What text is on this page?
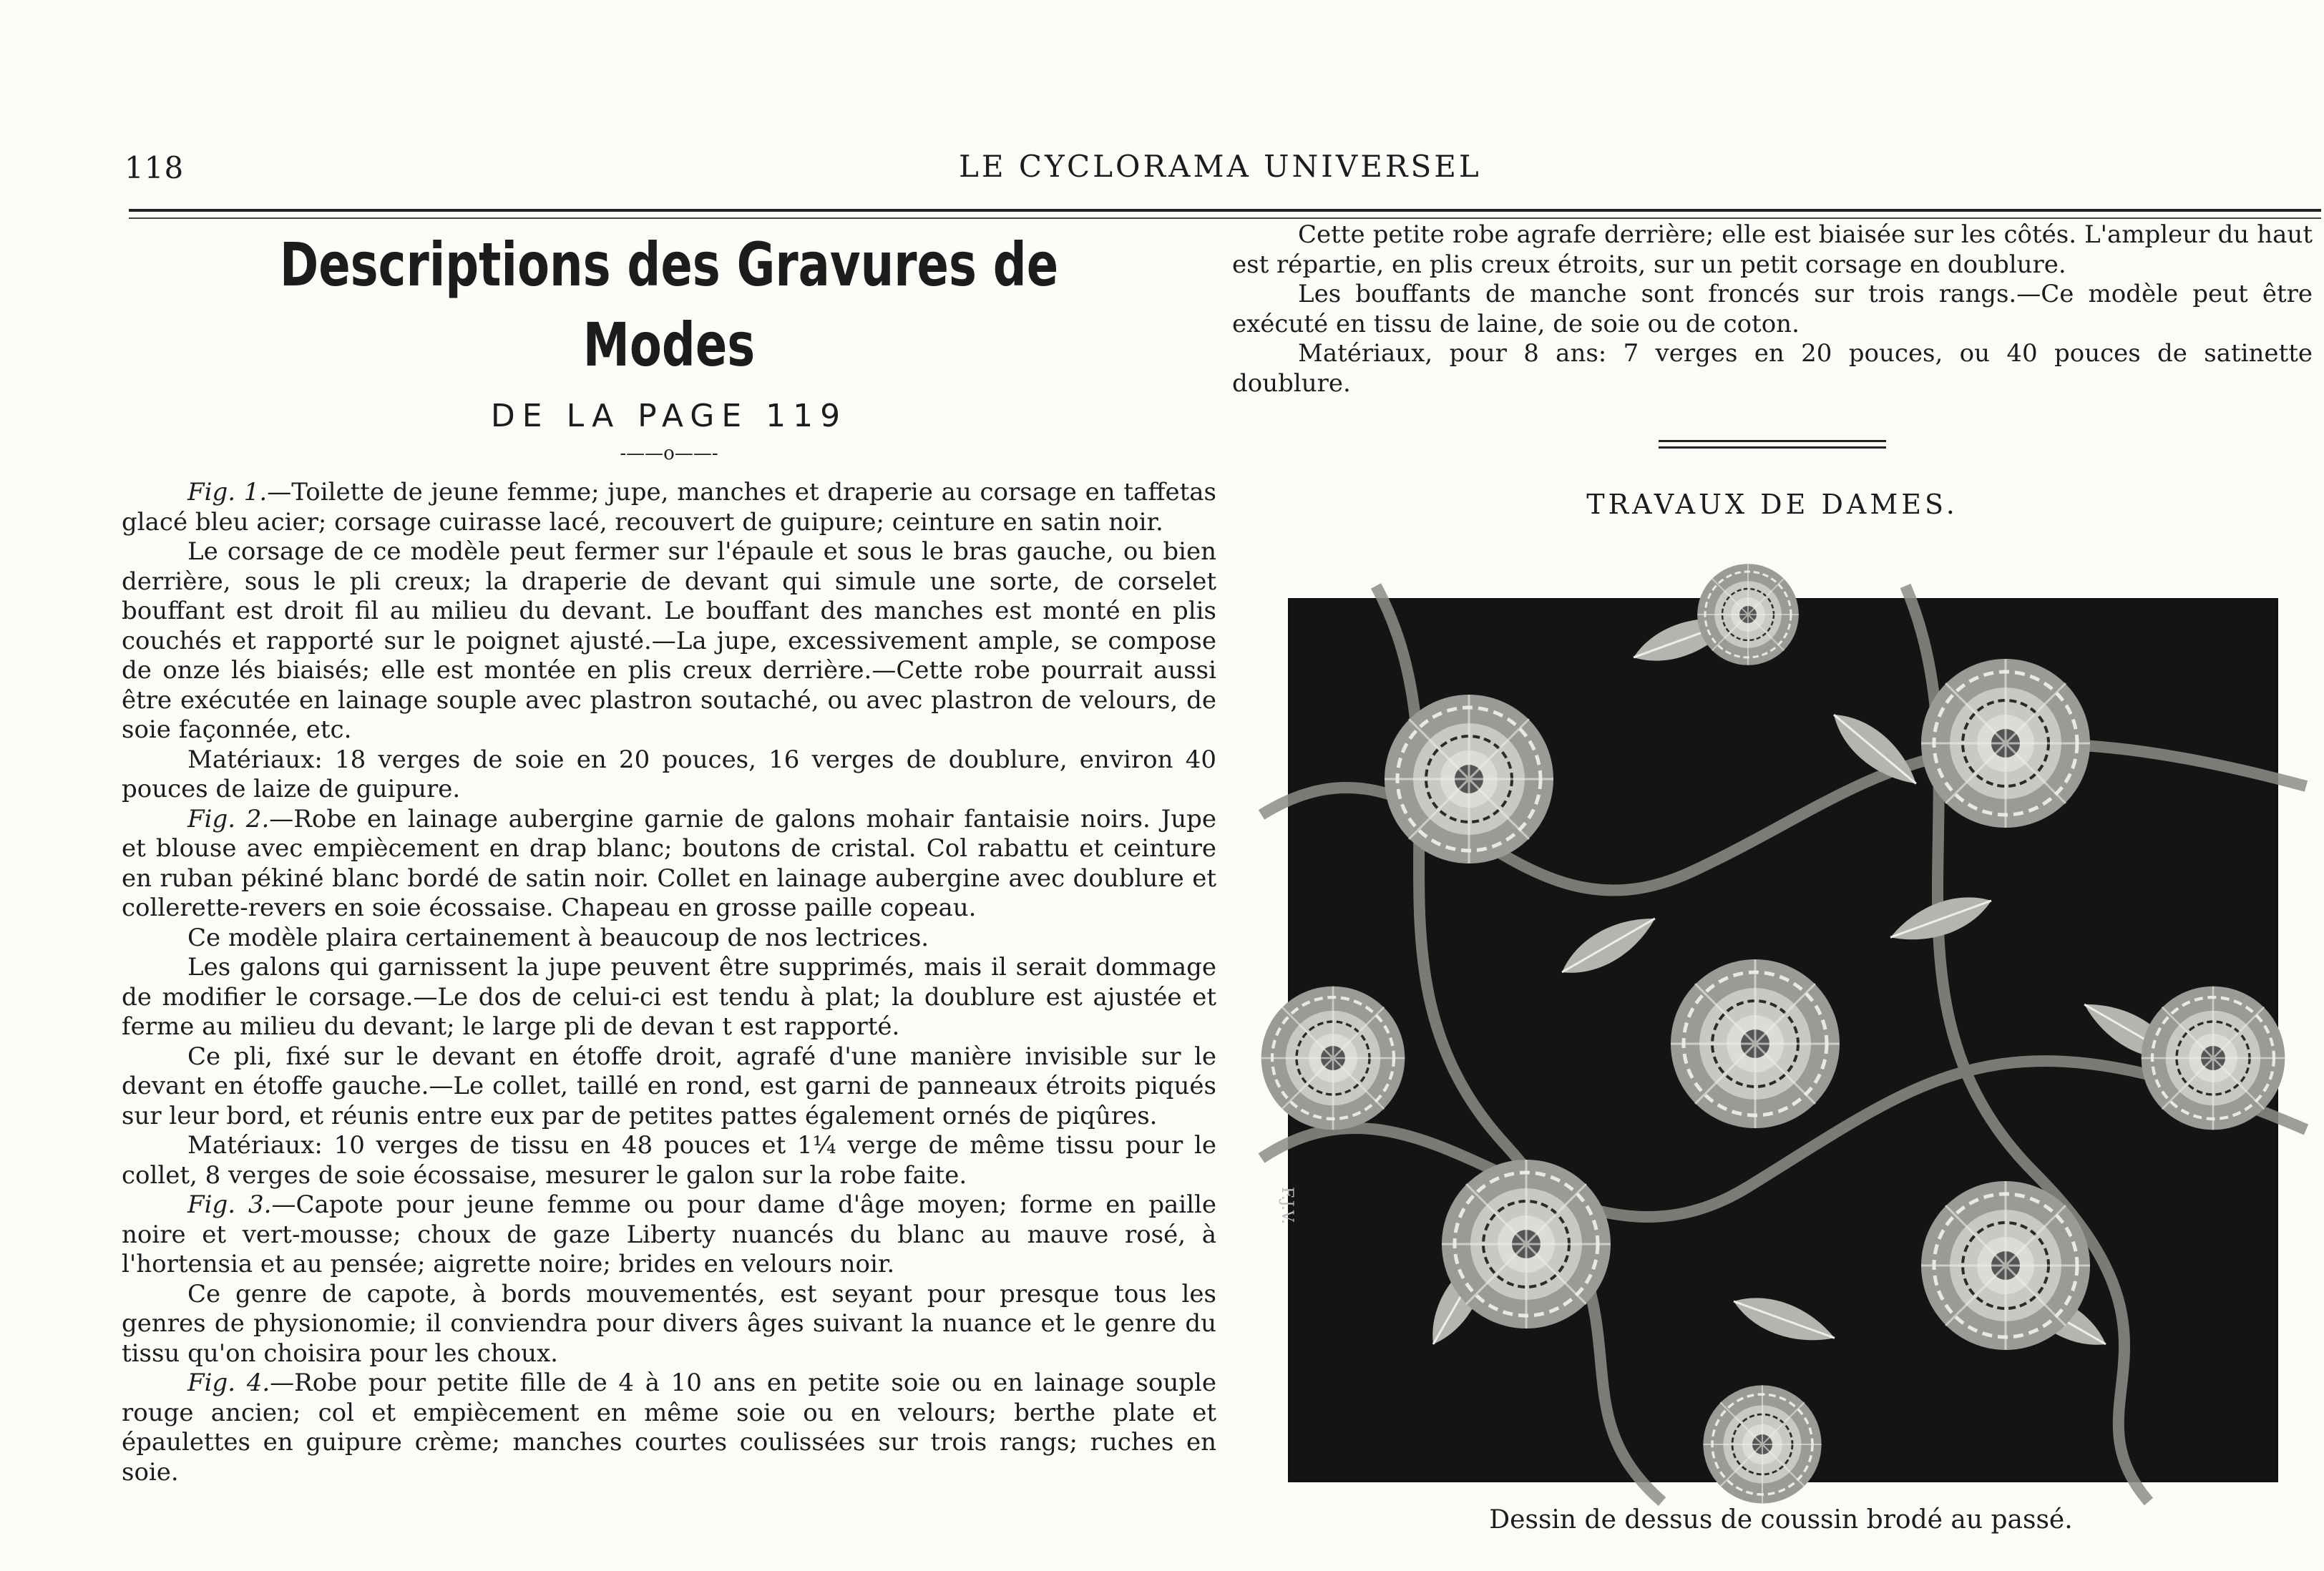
118	LE CYCLORAMA UNIVERSEL
Descriptions des Gravures de Modes
DE LA PAGE 119
-——o——-

Fig. 1.—Toilette de jeune femme; jupe, manches et draperie au corsage en taffetas glacé bleu acier; corsage cuirasse lacé, recouvert de guipure; ceinture en satin noir.

Le corsage de ce modèle peut fermer sur l'épaule et sous le bras gauche, ou bien derrière, sous le pli creux; la draperie de devant qui simule une sorte, de corselet bouffant est droit fil au milieu du devant. Le bouffant des manches est monté en plis couchés et rapporté sur le poignet ajusté.—La jupe, excessivement ample, se compose de onze lés biaisés; elle est montée en plis creux derrière.—Cette robe pourrait aussi être exécutée en lainage souple avec plastron soutaché, ou avec plastron de velours, de soie façonnée, etc.

Matériaux: 18 verges de soie en 20 pouces, 16 verges de doublure, environ 40 pouces de laize de guipure.

Fig. 2.—Robe en lainage aubergine garnie de galons mohair fantaisie noirs. Jupe et blouse avec empiècement en drap blanc; boutons de cristal. Col rabattu et ceinture en ruban pékiné blanc bordé de satin noir. Collet en lainage aubergine avec doublure et collerette-revers en soie écossaise. Chapeau en grosse paille copeau.

Ce modèle plaira certainement à beaucoup de nos lectrices.

Les galons qui garnissent la jupe peuvent être supprimés, mais il serait dommage de modifier le corsage.—Le dos de celui-ci est tendu à plat; la doublure est ajustée et ferme au milieu du devant; le large pli de devan t est rapporté.

Ce pli, fixé sur le devant en étoffe droit, agrafé d'une manière invisible sur le devant en étoffe gauche.—Le collet, taillé en rond, est garni de panneaux étroits piqués sur leur bord, et réunis entre eux par de petites pattes également ornés de piqûres.

Matériaux: 10 verges de tissu en 48 pouces et 1¼ verge de même tissu pour le collet, 8 verges de soie écossaise, mesurer le galon sur la robe faite.

Fig. 3.—Capote pour jeune femme ou pour dame d'âge moyen; forme en paille noire et vert-mousse; choux de gaze Liberty nuancés du blanc au mauve rosé, à l'hortensia et au pensée; aigrette noire; brides en velours noir.

Ce genre de capote, à bords mouvementés, est seyant pour presque tous les genres de physionomie; il conviendra pour divers âges suivant la nuance et le genre du tissu qu'on choisira pour les choux.

Fig. 4.—Robe pour petite fille de 4 à 10 ans en petite soie ou en lainage souple rouge ancien; col et empiècement en même soie ou en velours; berthe plate et épaulettes en guipure crème; manches courtes coulissées sur trois rangs; ruches en soie.

Cette petite robe agrafe derrière; elle est biaisée sur les côtés. L'ampleur du haut est répartie, en plis creux étroits, sur un petit corsage en doublure.

Les bouffants de manche sont froncés sur trois rangs.—Ce modèle peut être exécuté en tissu de laine, de soie ou de coton.

Matériaux, pour 8 ans: 7 verges en 20 pouces, ou 40 pouces de satinette doublure.

TRAVAUX DE DAMES.
F.J.V.
Dessin de dessus de coussin brodé au passé.
